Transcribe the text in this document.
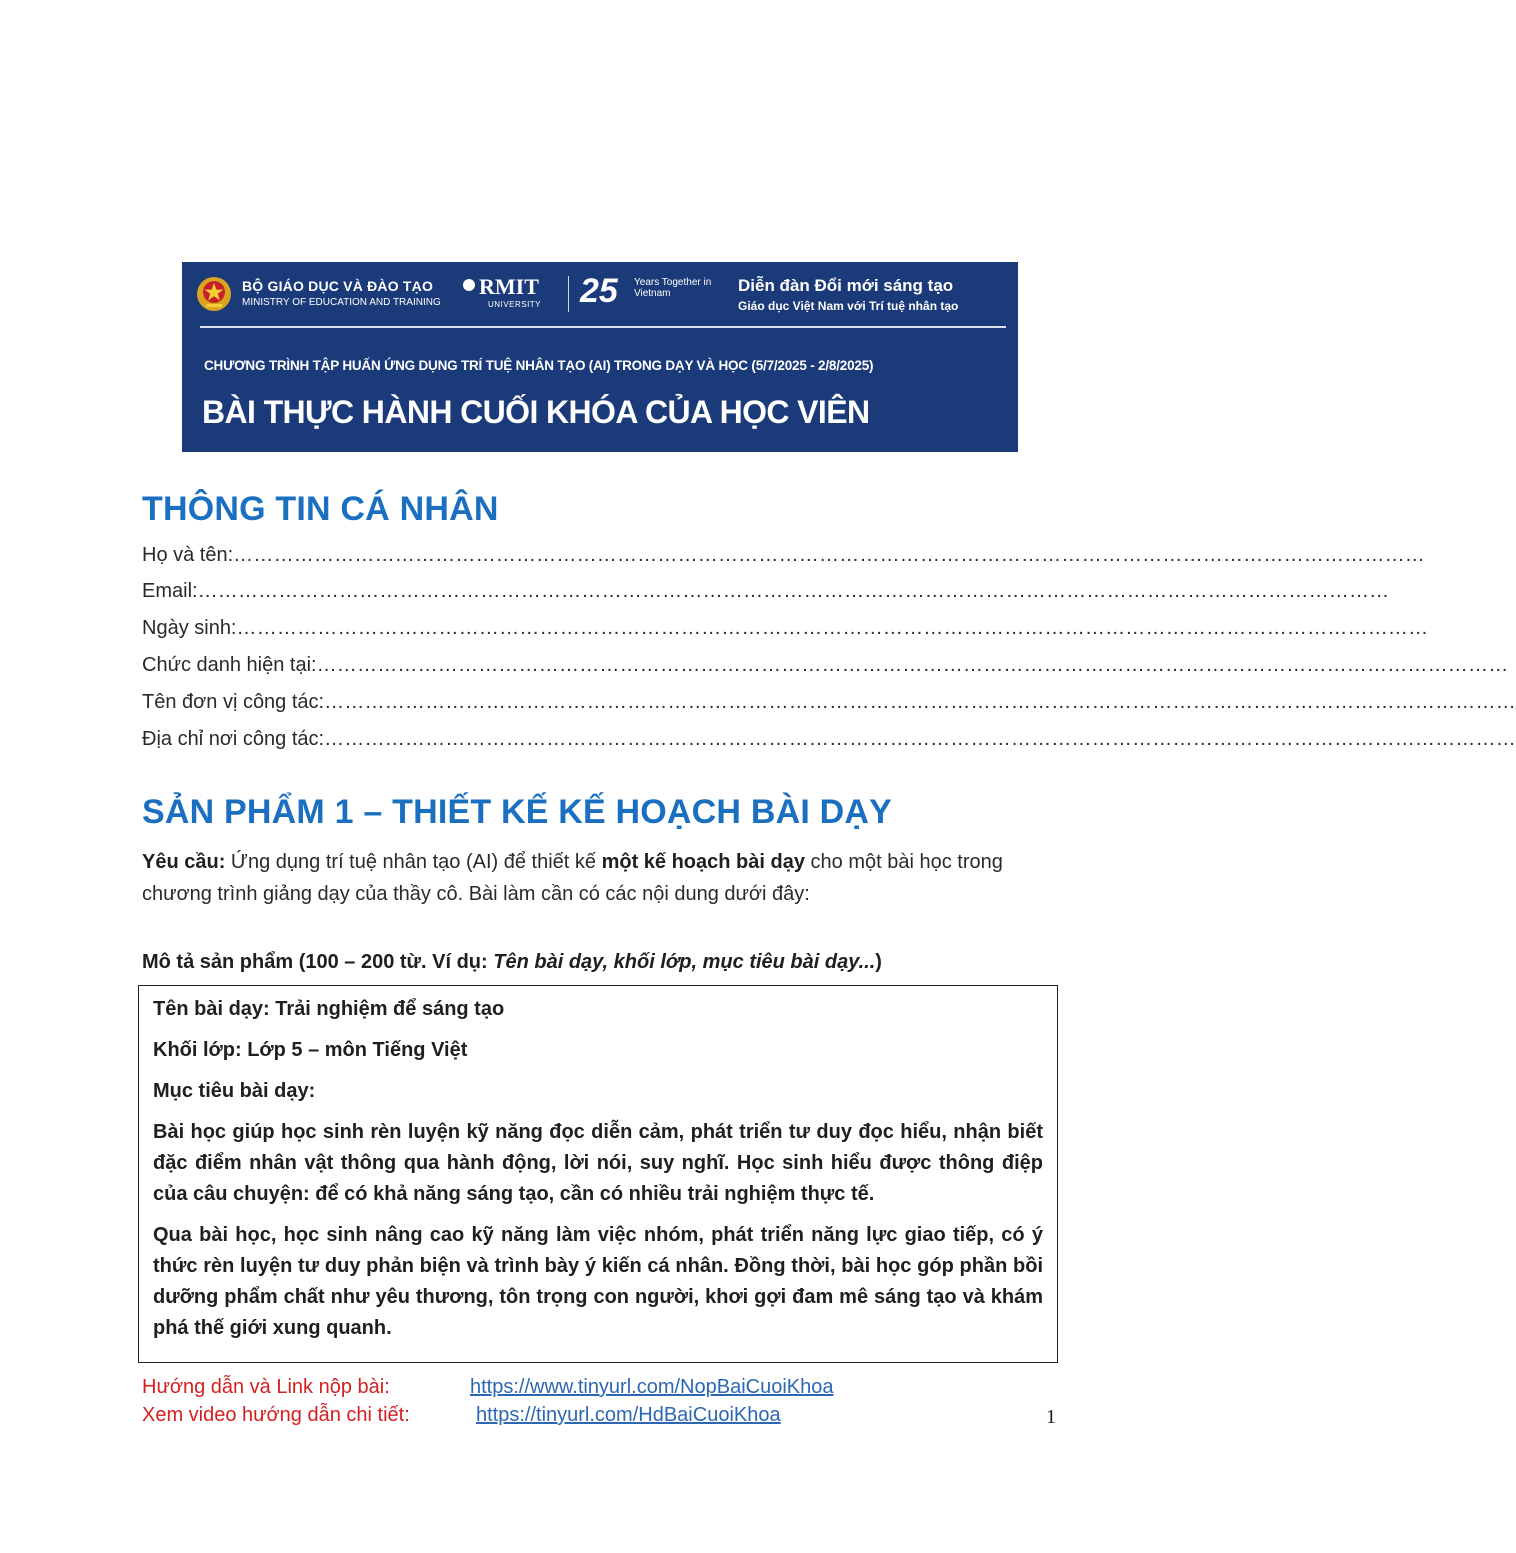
BỘ GIÁO DỤC VÀ ĐÀO TẠO
MINISTRY OF EDUCATION AND TRAINING
RMIT
UNIVERSITY 25 Years Together in Vietnam	Diễn đàn Đổi mới sáng tạo
Giáo dục Việt Nam với Trí tuệ nhân tạo
CHƯƠNG TRÌNH TẬP HUẤN ỨNG DỤNG TRÍ TUỆ NHÂN TẠO (AI) TRONG DẠY VÀ HỌC (5/7/2025 - 2/8/2025)
BÀI THỰC HÀNH CUỐI KHÓA CỦA HỌC VIÊN
THÔNG TIN CÁ NHÂN
Họ và tên: ……………………………………………………………………………………………………………………………………………………………
Email: ……………………………………………………………………………………………………………………………………………………………
Ngày sinh: ……………………………………………………………………………………………………………………………………………………………
Chức danh hiện tại: ……………………………………………………………………………………………………………………………………………………………
Tên đơn vị công tác: ……………………………………………………………………………………………………………………………………………………………
Địa chỉ nơi công tác: ……………………………………………………………………………………………………………………………………………………………
SẢN PHẨM 1 – THIẾT KẾ KẾ HOẠCH BÀI DẠY
Yêu cầu: Ứng dụng trí tuệ nhân tạo (AI) để thiết kế một kế hoạch bài dạy cho một bài học trong chương trình giảng dạy của thầy cô. Bài làm cần có các nội dung dưới đây:
Mô tả sản phẩm (100 – 200 từ. Ví dụ: Tên bài dạy, khối lớp, mục tiêu bài dạy...)

Tên bài dạy: Trải nghiệm để sáng tạo

Khối lớp: Lớp 5 – môn Tiếng Việt

Mục tiêu bài dạy:

Bài học giúp học sinh rèn luyện kỹ năng đọc diễn cảm, phát triển tư duy đọc hiểu, nhận biết đặc điểm nhân vật thông qua hành động, lời nói, suy nghĩ. Học sinh hiểu được thông điệp của câu chuyện: để có khả năng sáng tạo, cần có nhiều trải nghiệm thực tế.

Qua bài học, học sinh nâng cao kỹ năng làm việc nhóm, phát triển năng lực giao tiếp, có ý thức rèn luyện tư duy phản biện và trình bày ý kiến cá nhân. Đồng thời, bài học góp phần bồi dưỡng phẩm chất như yêu thương, tôn trọng con người, khơi gợi đam mê sáng tạo và khám phá thế giới xung quanh.

Hướng dẫn và Link nộp bài:	https://www.tinyurl.com/NopBaiCuoiKhoa
Xem video hướng dẫn chi tiết:	https://tinyurl.com/HdBaiCuoiKhoa	1
